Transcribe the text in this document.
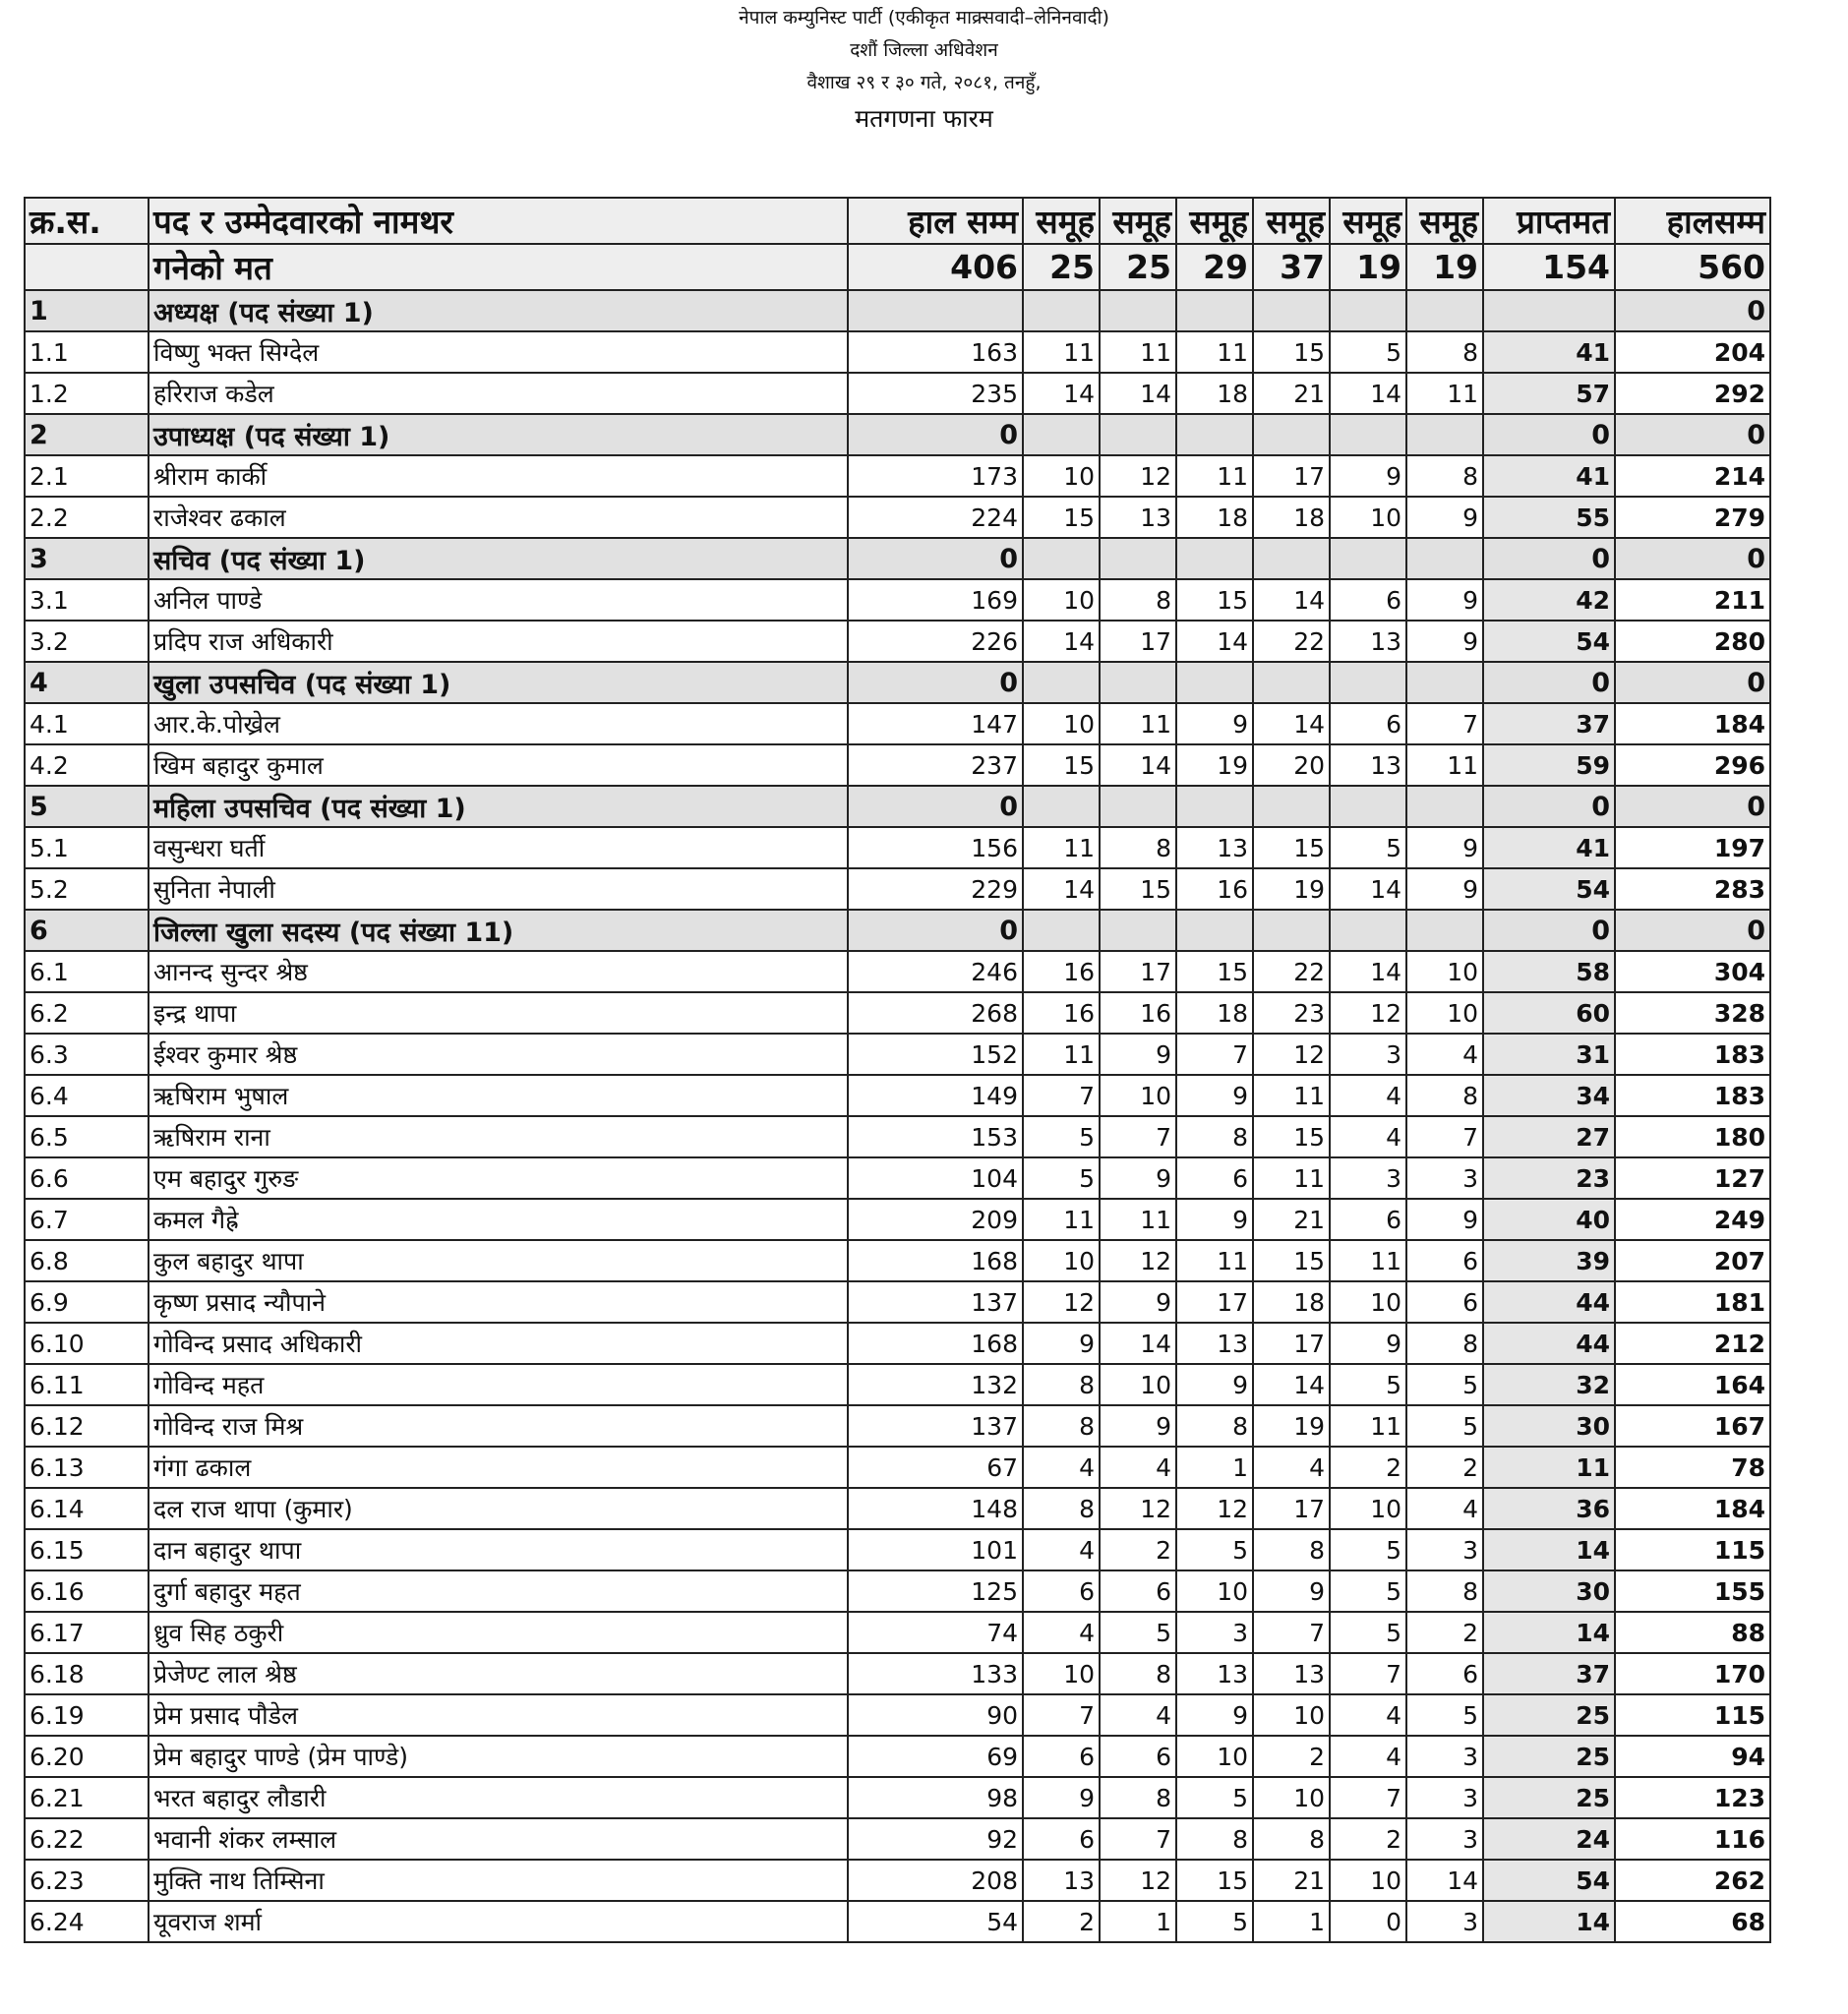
नेपाल कम्युनिस्ट पार्टी (एकीकृत माक्र्सवादी–लेनिनवादी)
दशौं जिल्ला अधिवेशन
वैशाख २९ र ३० गते, २०८१, तनहुँ,
मतगणना फारम
क्र.स.	पद र उम्मेदवारको नामथर	हाल सम्म	समूह	समूह	समूह	समूह	समूह	समूह	प्राप्तमत	हालसम्म
	गनेको मत	406	25	25	29	37	19	19	154	560
1	अध्यक्ष (पद संख्या 1)									0
1.1	विष्णु भक्त सिग्देल	163	11	11	11	15	5	8	41	204
1.2	हरिराज कडेल	235	14	14	18	21	14	11	57	292
2	उपाध्यक्ष (पद संख्या 1)	0							0	0
2.1	श्रीराम कार्की	173	10	12	11	17	9	8	41	214
2.2	राजेश्वर ढकाल	224	15	13	18	18	10	9	55	279
3	सचिव (पद संख्या 1)	0							0	0
3.1	अनिल पाण्डे	169	10	8	15	14	6	9	42	211
3.2	प्रदिप राज अधिकारी	226	14	17	14	22	13	9	54	280
4	खुला उपसचिव (पद संख्या 1)	0							0	0
4.1	आर.के.पोख्रेल	147	10	11	9	14	6	7	37	184
4.2	खिम बहादुर कुमाल	237	15	14	19	20	13	11	59	296
5	महिला उपसचिव (पद संख्या 1)	0							0	0
5.1	वसुन्धरा घर्ती	156	11	8	13	15	5	9	41	197
5.2	सुनिता नेपाली	229	14	15	16	19	14	9	54	283
6	जिल्ला खुला सदस्य (पद संख्या 11)	0							0	0
6.1	आनन्द सुन्दर श्रेष्ठ	246	16	17	15	22	14	10	58	304
6.2	इन्द्र थापा	268	16	16	18	23	12	10	60	328
6.3	ईश्वर कुमार श्रेष्ठ	152	11	9	7	12	3	4	31	183
6.4	ऋषिराम भुषाल	149	7	10	9	11	4	8	34	183
6.5	ऋषिराम राना	153	5	7	8	15	4	7	27	180
6.6	एम बहादुर गुरुङ	104	5	9	6	11	3	3	23	127
6.7	कमल गैह्रे	209	11	11	9	21	6	9	40	249
6.8	कुल बहादुर थापा	168	10	12	11	15	11	6	39	207
6.9	कृष्ण प्रसाद न्यौपाने	137	12	9	17	18	10	6	44	181
6.10	गोविन्द प्रसाद अधिकारी	168	9	14	13	17	9	8	44	212
6.11	गोविन्द महत	132	8	10	9	14	5	5	32	164
6.12	गोविन्द राज मिश्र	137	8	9	8	19	11	5	30	167
6.13	गंगा ढकाल	67	4	4	1	4	2	2	11	78
6.14	दल राज थापा (कुमार)	148	8	12	12	17	10	4	36	184
6.15	दान बहादुर थापा	101	4	2	5	8	5	3	14	115
6.16	दुर्गा बहादुर महत	125	6	6	10	9	5	8	30	155
6.17	ध्रुव सिह ठकुरी	74	4	5	3	7	5	2	14	88
6.18	प्रेजेण्ट लाल श्रेष्ठ	133	10	8	13	13	7	6	37	170
6.19	प्रेम प्रसाद पौडेल	90	7	4	9	10	4	5	25	115
6.20	प्रेम बहादुर पाण्डे (प्रेम पाण्डे)	69	6	6	10	2	4	3	25	94
6.21	भरत बहादुर लौडारी	98	9	8	5	10	7	3	25	123
6.22	भवानी शंकर लम्साल	92	6	7	8	8	2	3	24	116
6.23	मुक्ति नाथ तिम्सिना	208	13	12	15	21	10	14	54	262
6.24	यूवराज शर्मा	54	2	1	5	1	0	3	14	68
